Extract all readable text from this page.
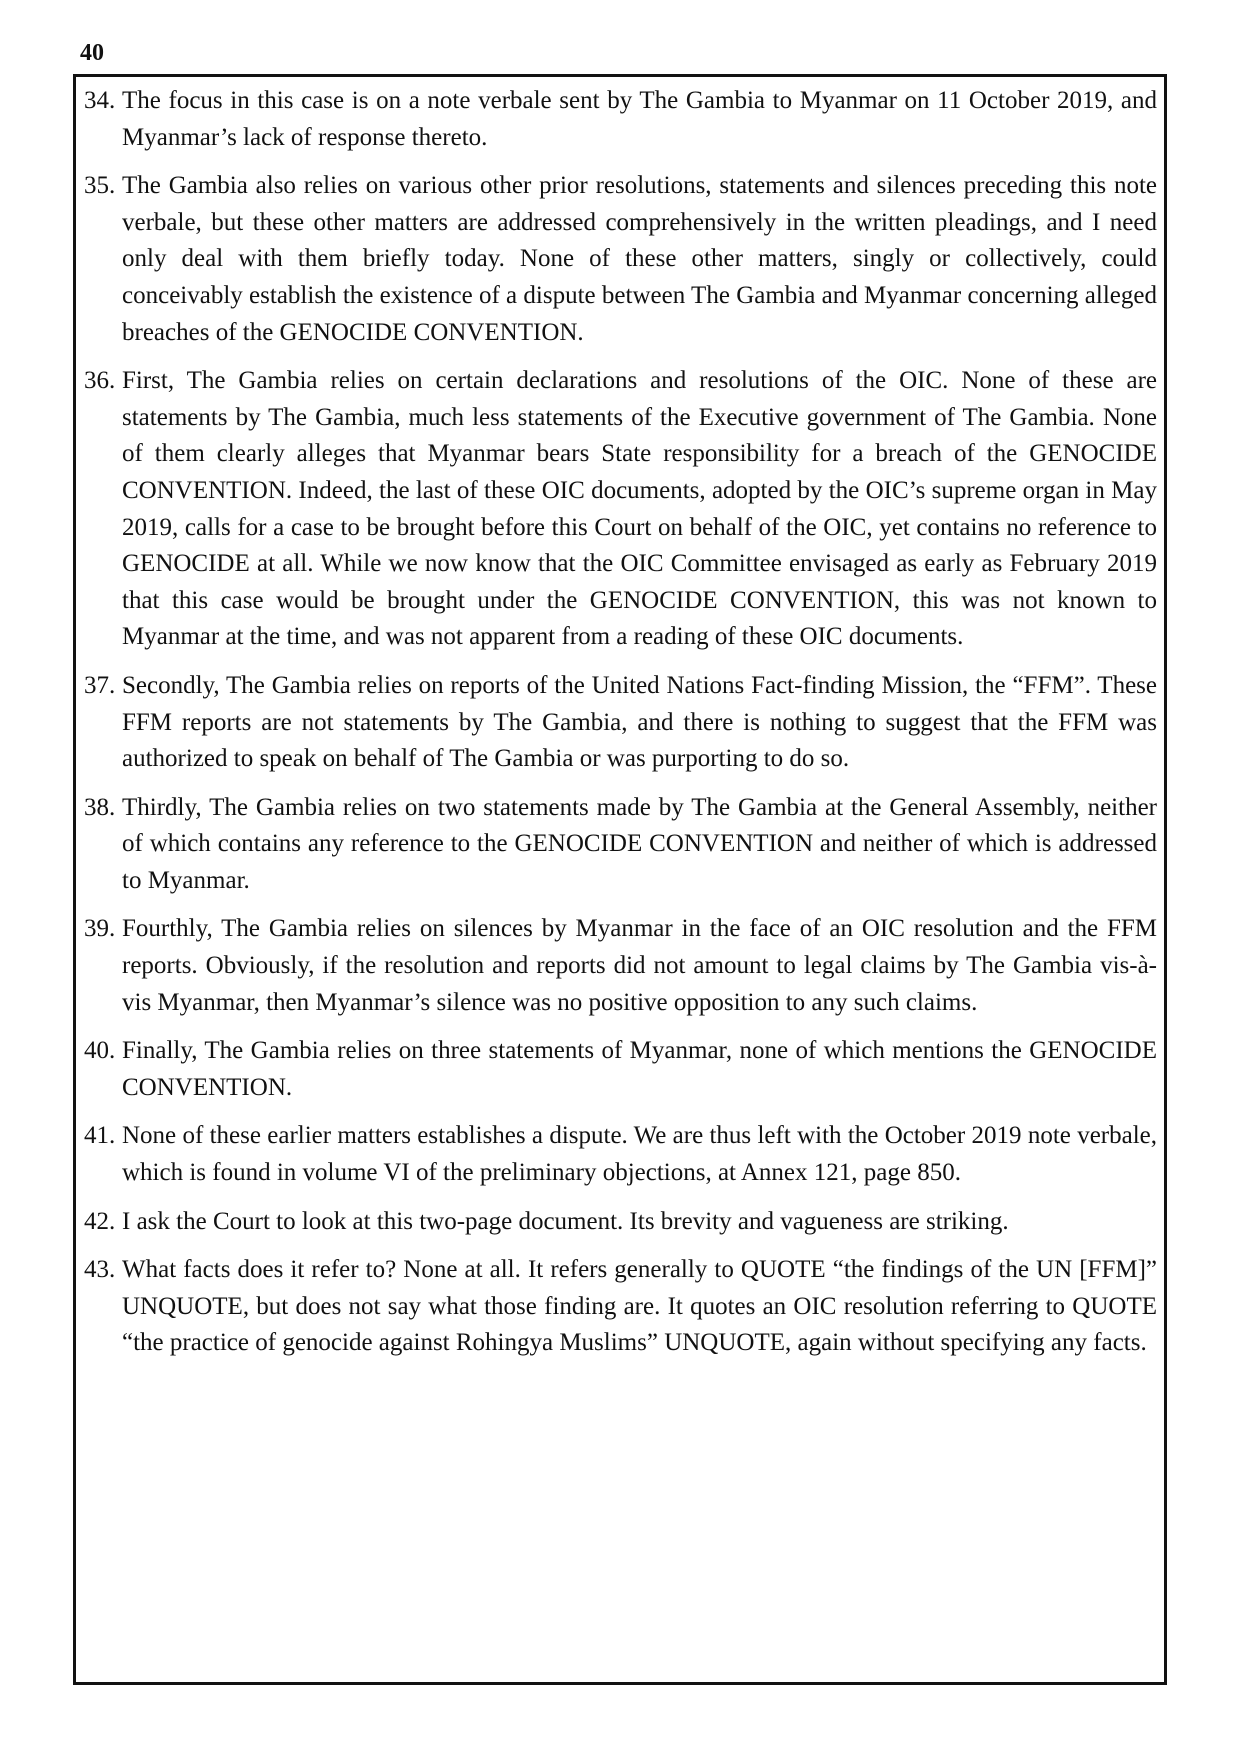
40
34. The focus in this case is on a note verbale sent by The Gambia to Myanmar on 11 October 2019, and Myanmar’s lack of response thereto.
35. The Gambia also relies on various other prior resolutions, statements and silences preceding this note verbale, but these other matters are addressed comprehensively in the written pleadings, and I need only deal with them briefly today. None of these other matters, singly or collectively, could conceivably establish the existence of a dispute between The Gambia and Myanmar concerning alleged breaches of the GENOCIDE CONVENTION.
36. First, The Gambia relies on certain declarations and resolutions of the OIC. None of these are statements by The Gambia, much less statements of the Executive government of The Gambia. None of them clearly alleges that Myanmar bears State responsibility for a breach of the GENOCIDE CONVENTION. Indeed, the last of these OIC documents, adopted by the OIC’s supreme organ in May 2019, calls for a case to be brought before this Court on behalf of the OIC, yet contains no reference to GENOCIDE at all. While we now know that the OIC Committee envisaged as early as February 2019 that this case would be brought under the GENOCIDE CONVENTION, this was not known to Myanmar at the time, and was not apparent from a reading of these OIC documents.
37. Secondly, The Gambia relies on reports of the United Nations Fact-finding Mission, the “FFM”. These FFM reports are not statements by The Gambia, and there is nothing to suggest that the FFM was authorized to speak on behalf of The Gambia or was purporting to do so.
38. Thirdly, The Gambia relies on two statements made by The Gambia at the General Assembly, neither of which contains any reference to the GENOCIDE CONVENTION and neither of which is addressed to Myanmar.
39. Fourthly, The Gambia relies on silences by Myanmar in the face of an OIC resolution and the FFM reports. Obviously, if the resolution and reports did not amount to legal claims by The Gambia vis-à-vis Myanmar, then Myanmar’s silence was no positive opposition to any such claims.
40. Finally, The Gambia relies on three statements of Myanmar, none of which mentions the GENOCIDE CONVENTION.
41. None of these earlier matters establishes a dispute. We are thus left with the October 2019 note verbale, which is found in volume VI of the preliminary objections, at Annex 121, page 850.
42. I ask the Court to look at this two-page document. Its brevity and vagueness are striking.
43. What facts does it refer to? None at all. It refers generally to QUOTE “the findings of the UN [FFM]” UNQUOTE, but does not say what those finding are. It quotes an OIC resolution referring to QUOTE “the practice of genocide against Rohingya Muslims” UNQUOTE, again without specifying any facts.
